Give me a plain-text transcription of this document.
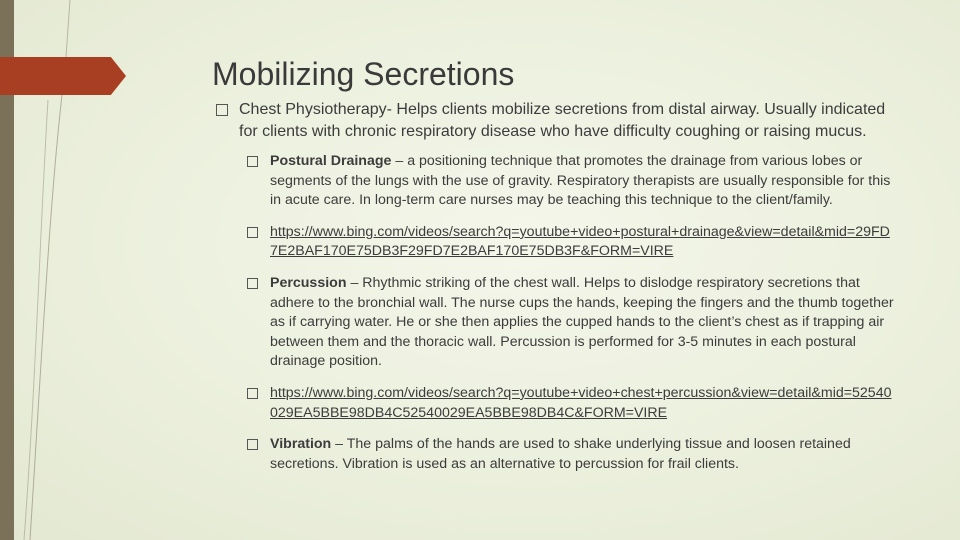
Mobilizing Secretions
Chest Physiotherapy- Helps clients mobilize secretions from distal airway. Usually indicated for clients with chronic respiratory disease who have difficulty coughing or raising mucus.
Postural Drainage – a positioning technique that promotes the drainage from various lobes or segments of the lungs with the use of gravity. Respiratory therapists are usually responsible for this in acute care. In long-term care nurses may be teaching this technique to the client/family.
https://www.bing.com/videos/search?q=youtube+video+postural+drainage&view=detail&mid=29FD7E2BAF170E75DB3F29FD7E2BAF170E75DB3F&FORM=VIRE
Percussion – Rhythmic striking of the chest wall. Helps to dislodge respiratory secretions that adhere to the bronchial wall. The nurse cups the hands, keeping the fingers and the thumb together as if carrying water. He or she then applies the cupped hands to the client’s chest as if trapping air between them and the thoracic wall. Percussion is performed for 3-5 minutes in each postural drainage position.
https://www.bing.com/videos/search?q=youtube+video+chest+percussion&view=detail&mid=52540029EA5BBE98DB4C52540029EA5BBE98DB4C&FORM=VIRE
Vibration – The palms of the hands are used to shake underlying tissue and loosen retained secretions. Vibration is used as an alternative to percussion for frail clients.
